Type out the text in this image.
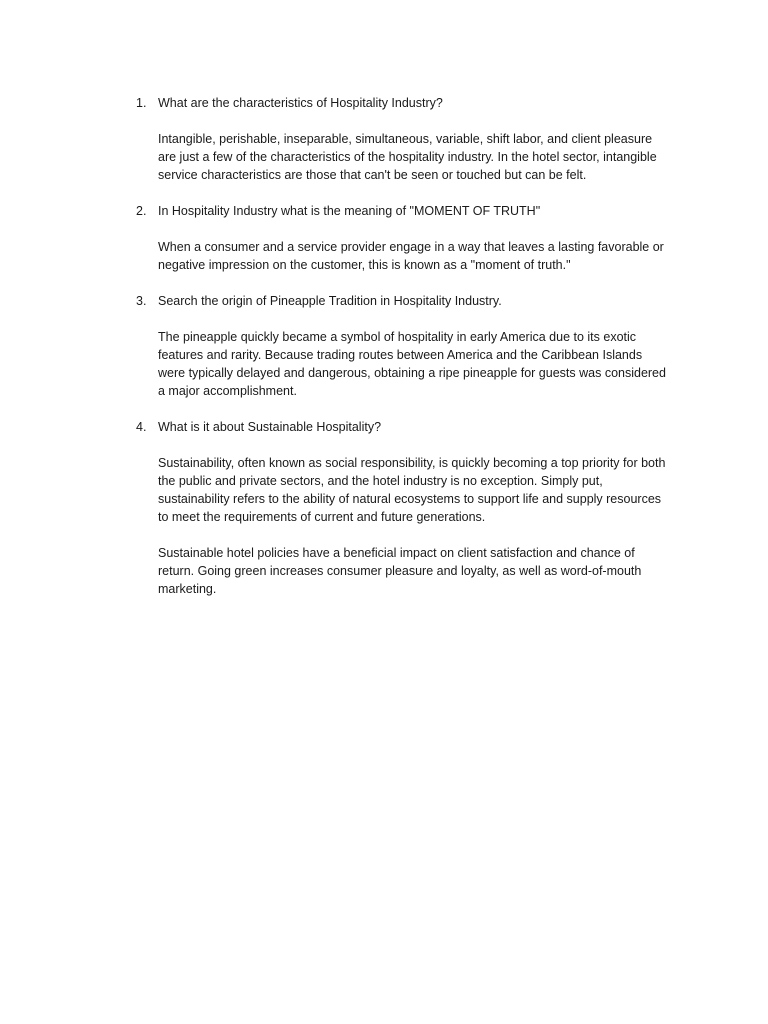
1. What are the characteristics of Hospitality Industry?

Intangible, perishable, inseparable, simultaneous, variable, shift labor, and client pleasure are just a few of the characteristics of the hospitality industry. In the hotel sector, intangible service characteristics are those that can't be seen or touched but can be felt.

2. In Hospitality Industry what is the meaning of "MOMENT OF TRUTH"

When a consumer and a service provider engage in a way that leaves a lasting favorable or negative impression on the customer, this is known as a "moment of truth."

3. Search the origin of Pineapple Tradition in Hospitality Industry.

The pineapple quickly became a symbol of hospitality in early America due to its exotic features and rarity. Because trading routes between America and the Caribbean Islands were typically delayed and dangerous, obtaining a ripe pineapple for guests was considered a major accomplishment.

4. What is it about Sustainable Hospitality?

Sustainability, often known as social responsibility, is quickly becoming a top priority for both the public and private sectors, and the hotel industry is no exception. Simply put, sustainability refers to the ability of natural ecosystems to support life and supply resources to meet the requirements of current and future generations.

Sustainable hotel policies have a beneficial impact on client satisfaction and chance of return. Going green increases consumer pleasure and loyalty, as well as word-of-mouth marketing.
